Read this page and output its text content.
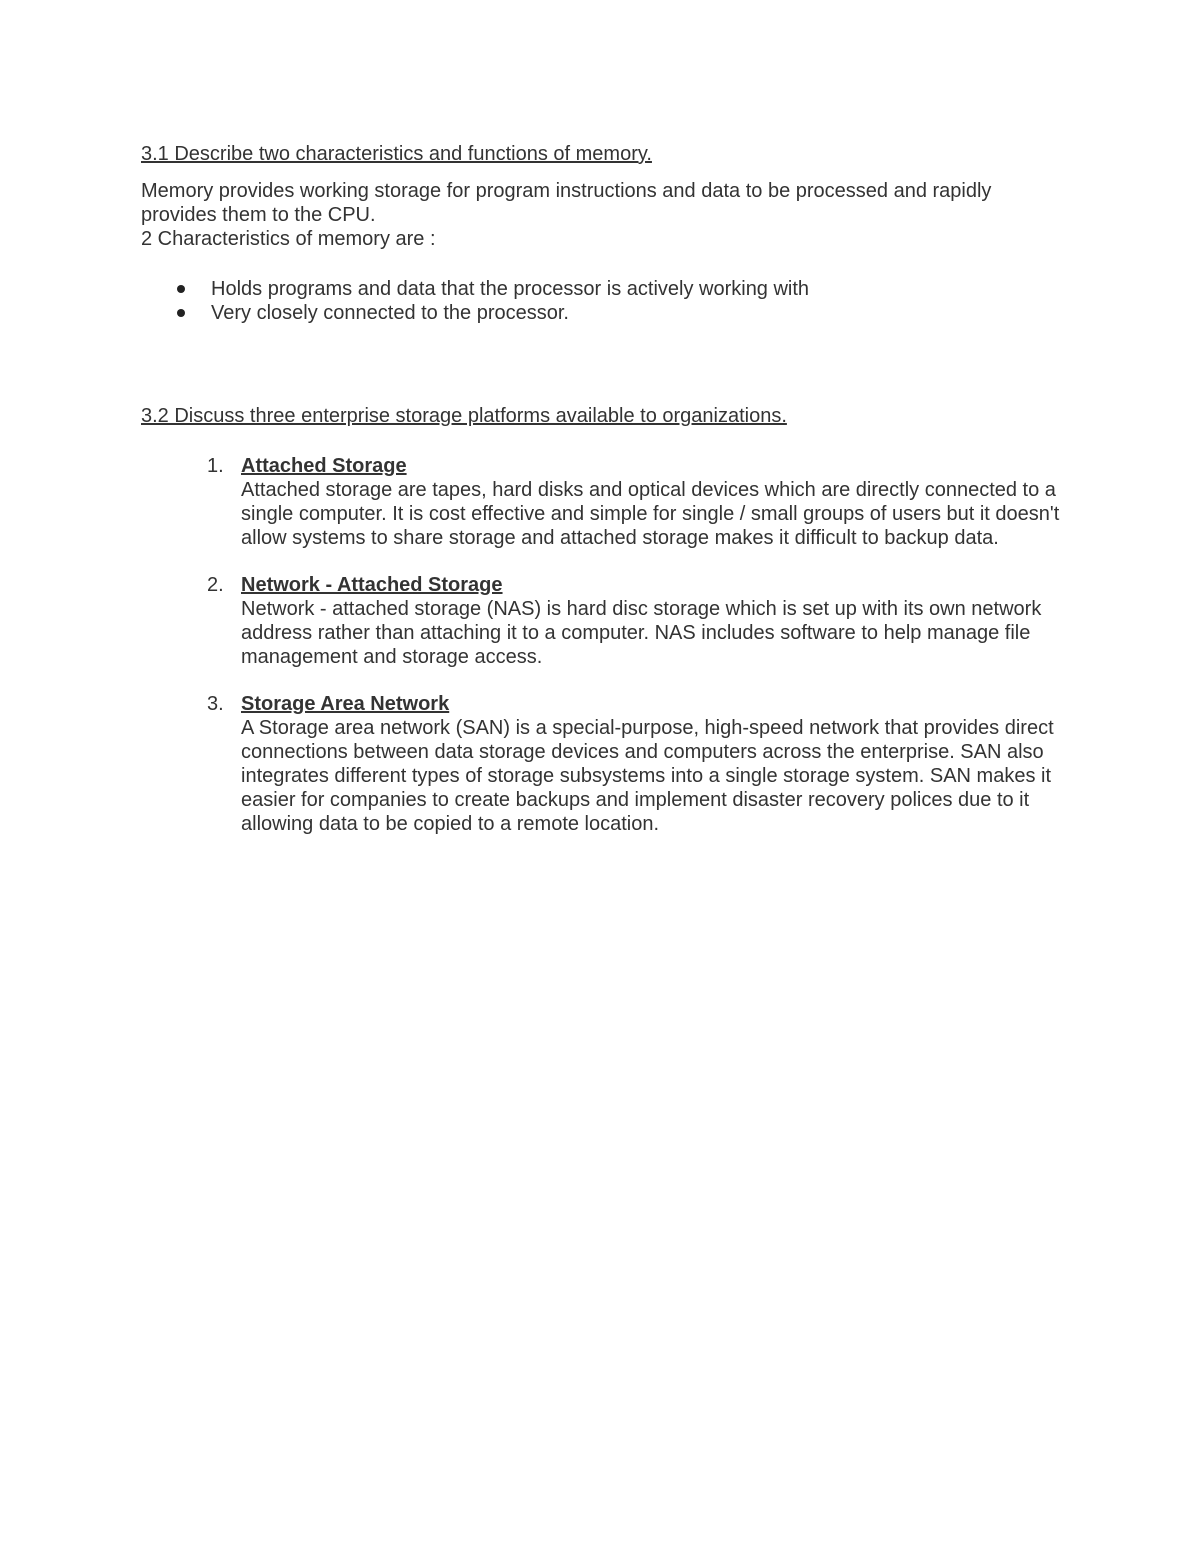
3.1 Describe two characteristics and functions of memory.

Memory provides working storage for program instructions and data to be processed and rapidly provides them to the CPU.

2 Characteristics of memory are :

Holds programs and data that the processor is actively working with
Very closely connected to the processor.

3.2 Discuss three enterprise storage platforms available to organizations.

1. Attached Storage
Attached storage are tapes, hard disks and optical devices which are directly connected to a single computer. It is cost effective and simple for single / small groups of users but it doesn't allow systems to share storage and attached storage makes it difficult to backup data.
2. Network - Attached Storage
Network - attached storage (NAS) is hard disc storage which is set up with its own network address rather than attaching it to a computer. NAS includes software to help manage file management and storage access.
3. Storage Area Network
A Storage area network (SAN) is a special-purpose, high-speed network that provides direct connections between data storage devices and computers across the enterprise. SAN also integrates different types of storage subsystems into a single storage system. SAN makes it easier for companies to create backups and implement disaster recovery polices due to it allowing data to be copied to a remote location.
